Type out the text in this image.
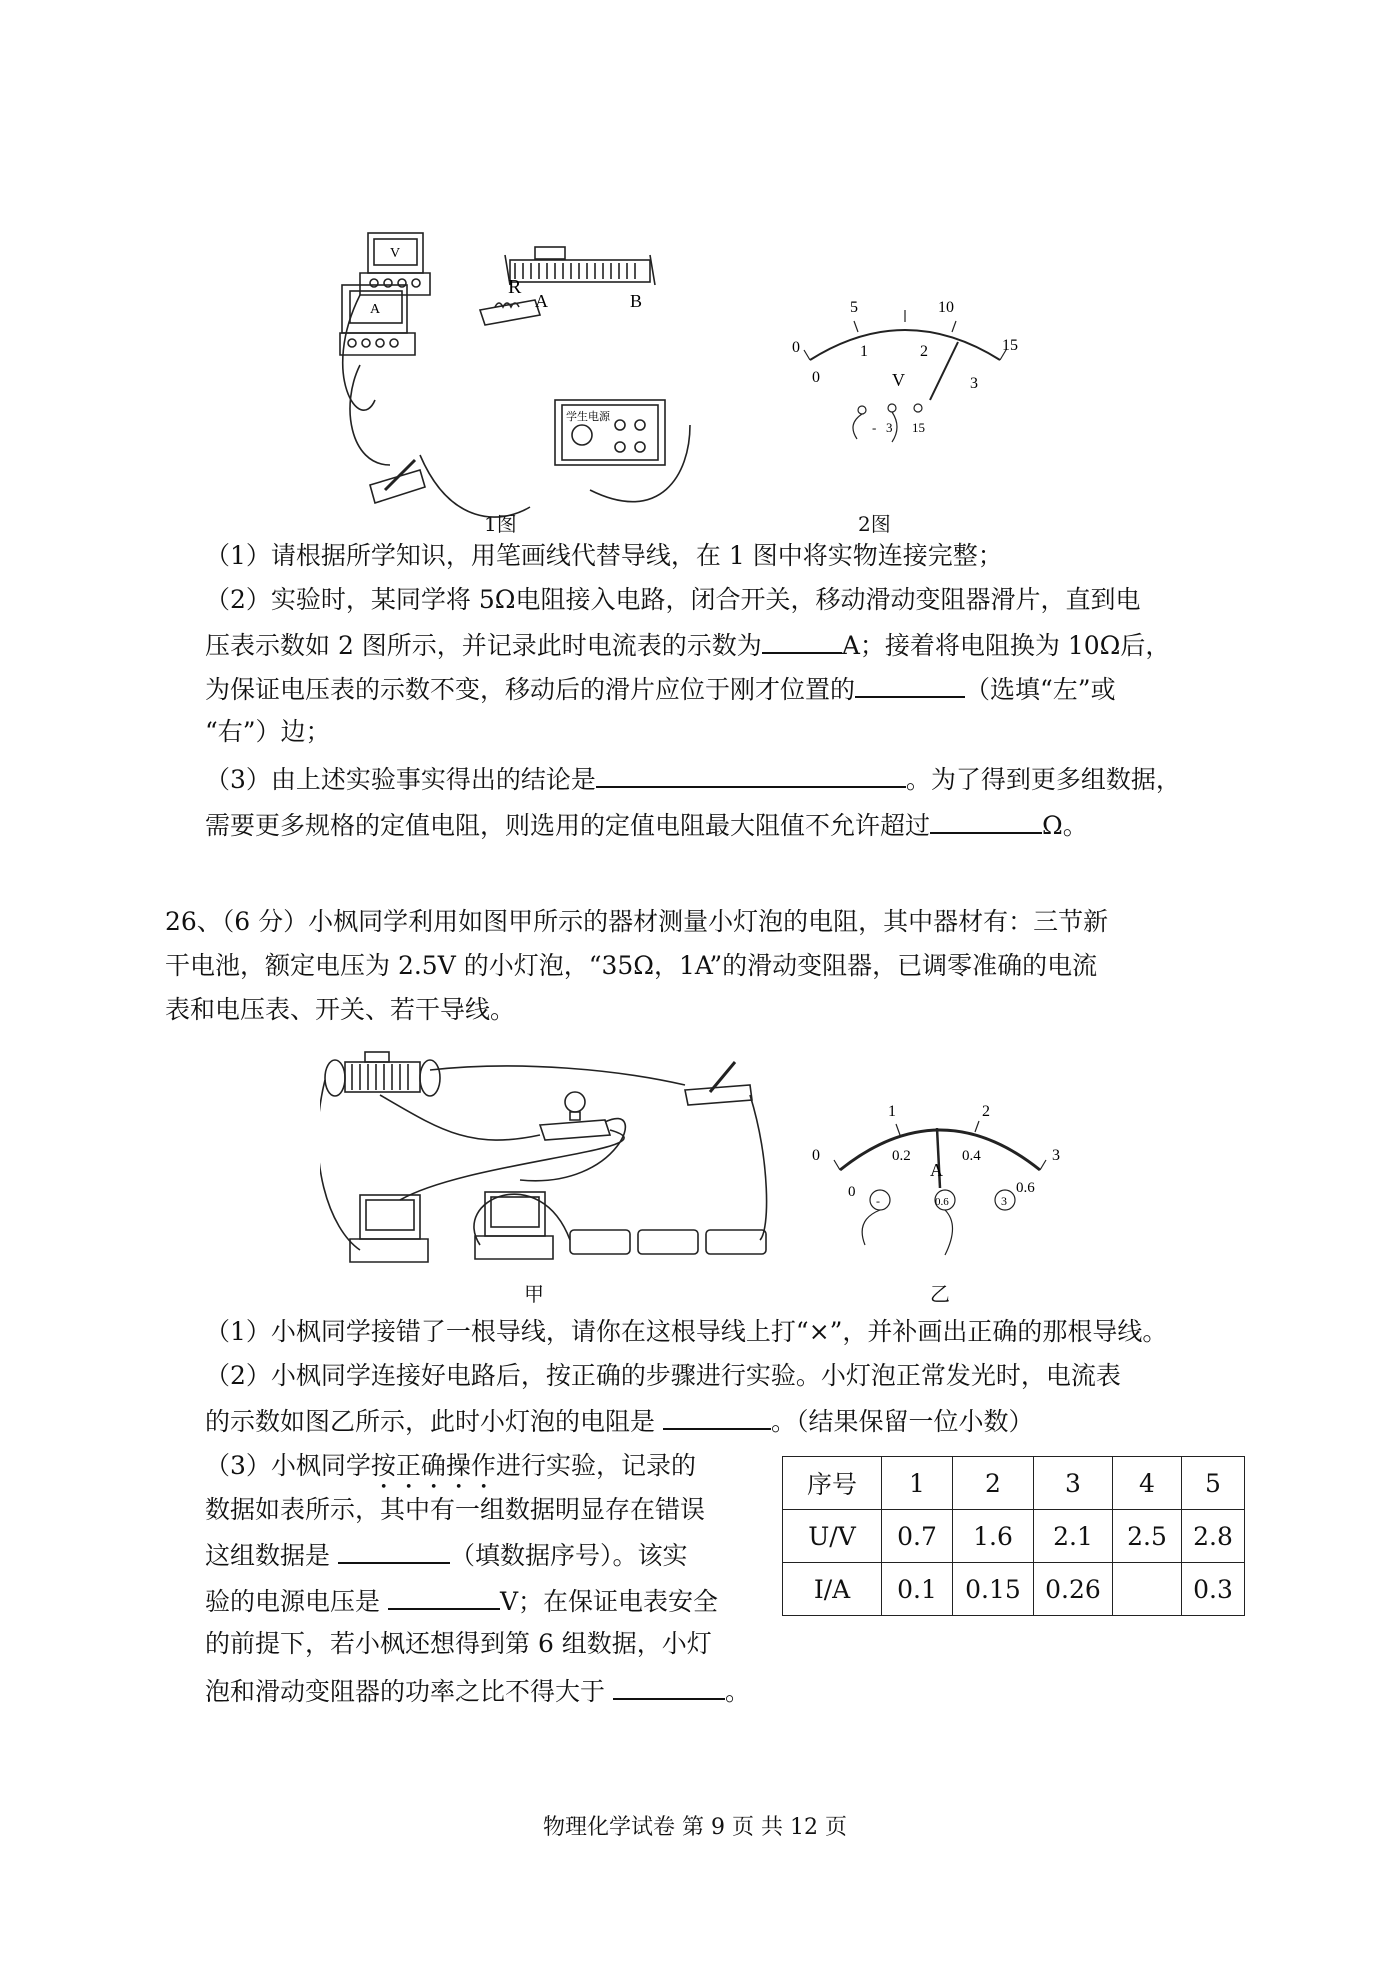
R
A	B
V
A
学生电源
0
5	10
15
0
1	2
3
V
- 3 15
1图	2图
（1）请根据所学知识，用笔画线代替导线，在 1 图中将实物连接完整；
（2）实验时，某同学将 5Ω电阻接入电路，闭合开关，移动滑动变阻器滑片，直到电
压表示数如 2 图所示，并记录此时电流表的示数为	A；接着将电阻换为 10Ω后，
为保证电压表的示数不变，移动后的滑片应位于刚才位置的	（选填“左”或
“右”）边；
（3）由上述实验事实得出的结论是	。为了得到更多组数据，
需要更多规格的定值电阻，则选用的定值电阻最大阻值不允许超过	Ω。
26、（6 分）小枫同学利用如图甲所示的器材测量小灯泡的电阻，其中器材有：三节新
干电池，额定电压为 2.5V 的小灯泡，“35Ω，1A”的滑动变阻器，已调零准确的电流
表和电压表、开关、若干导线。
0
1	2
3
0
0.2	0.4
0.6
A
-	0.6	3
甲	乙
（1）小枫同学接错了一根导线，请你在这根导线上打“×”，并补画出正确的那根导线。
（2）小枫同学连接好电路后，按正确的步骤进行实验。小灯泡正常发光时，电流表
的示数如图乙所示，此时小灯泡的电阻是	。（结果保留一位小数）
（3）小枫同学按正确操作进行实验，记录的
数据如表所示，其中有一组数据明显存在错误
这组数据是	（填数据序号）。该实
验的电源电压是	V；在保证电表安全
的前提下，若小枫还想得到第 6 组数据，小灯
泡和滑动变阻器的功率之比不得大于	。
序号	1	2	3	4	5
U/V	0.7	1.6	2.1	2.5	2.8
I/A	0.1	0.15	0.26		0.3
物理化学试卷 第 9 页 共 12 页
